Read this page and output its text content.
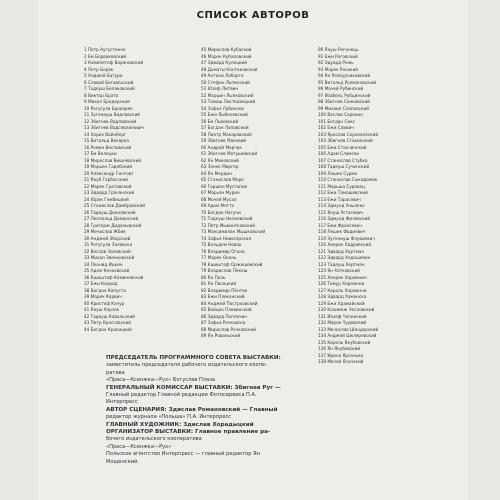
СПИСОК АВТОРОВ
1 Петр Аугустинек
2 Ем Борваковский
3 Камилетоф Вороновский
4 Петр Борак
5 Анджей Батура
6 Славой Бегавльский
7 Тадеуш Белаковский
8 Виктор Брата
9 Михал Бродерский
10 Рогусула Брокарек
11 Зугениуш Вадлавский
12 Збигнев Вадлавский
13 Збигнев Вадсевлинович
14 Хорих Вайнберг
15 Витальд Векарка
16 Роман Весловский
17 Ем Велецки
18 Мирослав Вишневский
19 Марьян Гадебский
20 Александр Гинтовт
21 Якуб Гарбосский
22 Марек Гратовский
23 Эдвард Грачанский
24 Юрек Гембицкий
25 Станислав Дамбровский
26 Тадеуш Дианевский
27 Леопольд Доманский
28 Григорж Диданывский
29 Мечислав Жбик
30 Анджей Зборский
31 Рогусула Залевска
32 Веслав Залевский
33 Михал Звенковский
34 Леонид Ицкин
35 Адам Кочковский
36 Кшиштоф Коминевский
37 Ежи Конрад
38 Богдан Капуста
39 Марек Карвич
40 Кристоф Качур
41 Януш Кэрзак
42 Тадеуш Кавальский
43 Петр Кроссовский
44 Богдан Красицкий
45 Мирослав Кубаский
46 Марек Кубаловский
47 Эдвард Кулецкий
48 Доматы Контаковский
49 Антони Лобарта
50 Стефан Льпинский
51 Юзеф Литвин
52 Марцин Лыпковский
53 Томаш Листковецкий
54 Зофья Лубински
55 Ежи Лыбеневский
56 Ем Львовский
57 Богдан Лоповский
58 Пиотр Макаровский
59 Збигнев Макевий
60 Андрей Марчак
61 Збигнев Матушевский
62 Ян Миковский
63 Зенек Миргер
64 Ян Мердин
65 Станислав Моро
66 Гершон Мустапик
67 Марьян Мурин
68 Мочей Мусал
69 Адам Мятто
70 Богдан Нагуни
71 Тадеуш Несмевский
72 Петр Мыкинтковский
73 Максимилан Мышковский
74 Зофья Новосерская
75 Вольдем Новак
76 Владимир Огана
77 Марек Оконь
78 Кшиштоф Оржешевский
79 Владислав Пекеш
80 Ян Паль
81 Ян Пасецкий
82 Владимир Пёнтек
83 Ежи Плеконский
84 Анджей Пострховский
85 Войцех Плевинский
86 Эдвард Поплочин
87 Зофья Рочковска
88 Мирослав Рочковский
89 Ян Рованьский
90 Януш Рогинець
91 Ежи Роговский
92 Эдуард Рожь
93 Марек Росикий
94 Ян Ролкурнаковский
95 Витольд Ролмановский
96 Мачей Рубинский
97 Изабель Рубцинский
98 Збигнев Санковский
99 Михаил Слоповский
100 Веслав Сорокин
101 Богдан Сикс
102 Ежи Сливич
103 Ярослав Скрокалеский
104 Збигнев Стахинский
105 Ежи Стахчинский
106 Адам Сломски
107 Станислав Стубко
108 Тадеуш Сучинский
109 Лешек Сурма
110 Станислав Сыкадомов
111 Марьша Суровец
112 Ежи Тамашевский
113 Ежи Тарасевич
114 Эдмунд Унылеко
115 Януш Устасевич
116 Эдмунд Филевский
117 Ежи Фронсевич
118 Лешек Фадиевич
119 Эугениуш Флувиевич
120 Хенрик Хадровский
121 Эдвард Хартман
122 Эдвард Хедешевин
123 Тадеуш Хертман
124 Ян Хотковский
125 Хенрик Хорманин
126 Тимур Хорманни
127 Кароль Хорманни
128 Эдвард Хаманска
129 Ежи Храмайский
130 Казимеж Чесловский
131 Йозеф Чопинский
132 Марек Чудовский
133 Мечислав Шандорский
134 Анджей Шкляревский
135 Кароль Якубовский
136 Ян Якубовский
137 Ирина Ярсенька
138 Мачей Ясонский
ПРЕДСЕДАТЕЛЬ ПРОГРАММНОГО СОВЕТА ВЫСТАВКИ:
заместитель председателя рабочего издательского коопе-
ратива
«Праса—Ксенжка—Рух» Богуслав Плаза
ГЕНЕРАЛЬНЫЙ КОМИССАР ВЫСТАВКИ: Збигнев Руг —
Главный редактор Главной редакции Фотосервиса П.А.
Интерпресс
АВТОР СЦЕНАРИЯ: Здислав Романовский — Главный
редактор журнала «Польша» П.А. Интерпресс
ГЛАВНЫЙ ХУДОЖНИК: Здислав Хорадыцкий
ОРГАНИЗАТОР ВЫСТАВКИ: Главное правление ра-
бочего издательского кооператива
«Праса—Ксенжка—Рух»
Польское агентство Интерпресс — главный редактор Ян
Мощенский.
